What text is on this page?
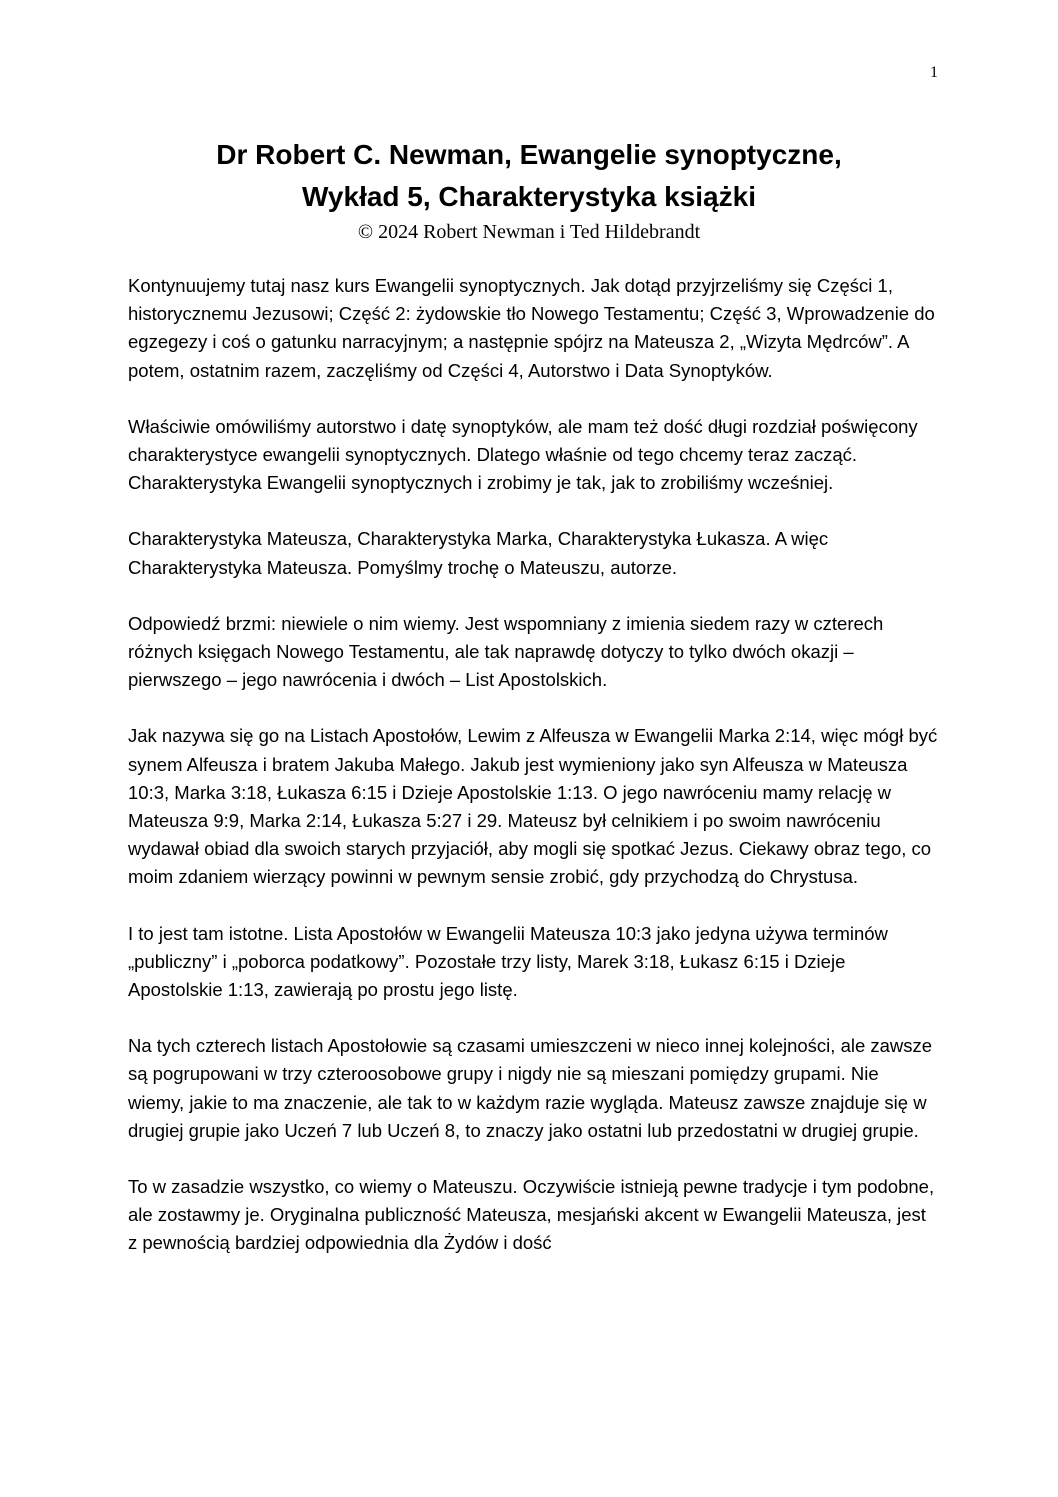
1
Dr Robert C. Newman, Ewangelie synoptyczne,
Wykład 5, Charakterystyka książki
© 2024 Robert Newman i Ted Hildebrandt

Kontynuujemy tutaj nasz kurs Ewangelii synoptycznych. Jak dotąd przyjrzeliśmy się Części 1, historycznemu Jezusowi; Część 2: żydowskie tło Nowego Testamentu; Część 3, Wprowadzenie do egzegezy i coś o gatunku narracyjnym; a następnie spójrz na Mateusza 2, „Wizyta Mędrców”. A potem, ostatnim razem, zaczęliśmy od Części 4, Autorstwo i Data Synoptyków.

Właściwie omówiliśmy autorstwo i datę synoptyków, ale mam też dość długi rozdział poświęcony charakterystyce ewangelii synoptycznych. Dlatego właśnie od tego chcemy teraz zacząć. Charakterystyka Ewangelii synoptycznych i zrobimy je tak, jak to zrobiliśmy wcześniej.

Charakterystyka Mateusza, Charakterystyka Marka, Charakterystyka Łukasza. A więc Charakterystyka Mateusza. Pomyślmy trochę o Mateuszu, autorze.

Odpowiedź brzmi: niewiele o nim wiemy. Jest wspomniany z imienia siedem razy w czterech różnych księgach Nowego Testamentu, ale tak naprawdę dotyczy to tylko dwóch okazji – pierwszego – jego nawrócenia i dwóch – List Apostolskich.

Jak nazywa się go na Listach Apostołów, Lewim z Alfeusza w Ewangelii Marka 2:14, więc mógł być synem Alfeusza i bratem Jakuba Małego. Jakub jest wymieniony jako syn Alfeusza w Mateusza 10:3, Marka 3:18, Łukasza 6:15 i Dzieje Apostolskie 1:13. O jego nawróceniu mamy relację w Mateusza 9:9, Marka 2:14, Łukasza 5:27 i 29. Mateusz był celnikiem i po swoim nawróceniu wydawał obiad dla swoich starych przyjaciół, aby mogli się spotkać Jezus. Ciekawy obraz tego, co moim zdaniem wierzący powinni w pewnym sensie zrobić, gdy przychodzą do Chrystusa.

I to jest tam istotne. Lista Apostołów w Ewangelii Mateusza 10:3 jako jedyna używa terminów „publiczny” i „poborca podatkowy”. Pozostałe trzy listy, Marek 3:18, Łukasz 6:15 i Dzieje Apostolskie 1:13, zawierają po prostu jego listę.

Na tych czterech listach Apostołowie są czasami umieszczeni w nieco innej kolejności, ale zawsze są pogrupowani w trzy czteroosobowe grupy i nigdy nie są mieszani pomiędzy grupami. Nie wiemy, jakie to ma znaczenie, ale tak to w każdym razie wygląda. Mateusz zawsze znajduje się w drugiej grupie jako Uczeń 7 lub Uczeń 8, to znaczy jako ostatni lub przedostatni w drugiej grupie.

To w zasadzie wszystko, co wiemy o Mateuszu. Oczywiście istnieją pewne tradycje i tym podobne, ale zostawmy je. Oryginalna publiczność Mateusza, mesjański akcent w Ewangelii Mateusza, jest z pewnością bardziej odpowiednia dla Żydów i dość
